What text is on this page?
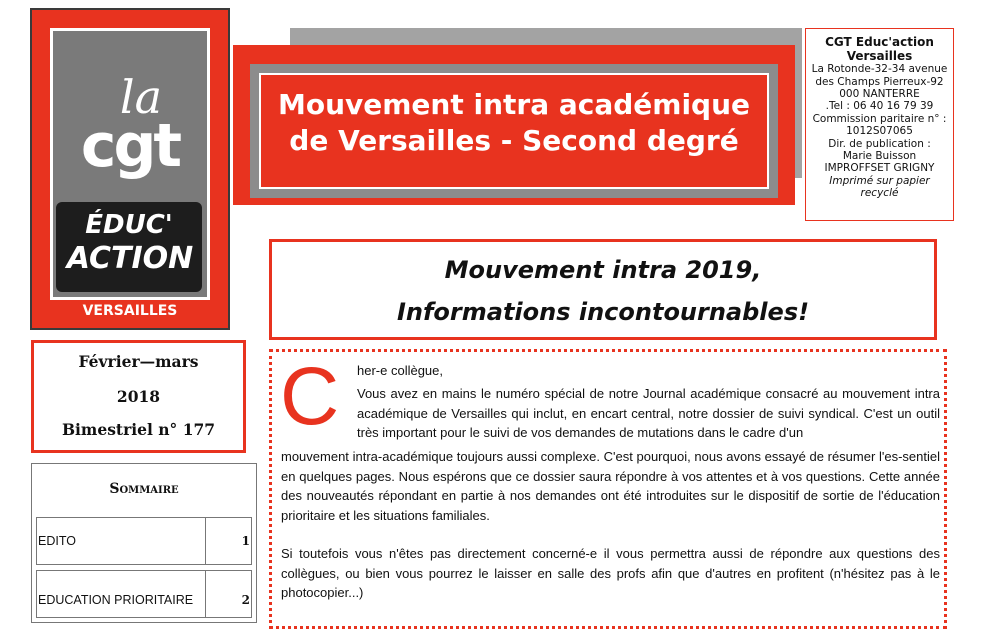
la
cgt
ÉDUC'
ACTION
VERSAILLES
Mouvement intra académique
de Versailles - Second degré
CGT Educ'action
Versailles
La Rotonde-32-34 avenue
des Champs Pierreux-92
000 NANTERRE
.Tel : 06 40 16 79 39
Commission paritaire n° :
1012S07065
Dir. de publication :
Marie Buisson
IMPROFFSET GRIGNY
Imprimé sur papier
recyclé
Mouvement intra 2019,
Informations incontournables!
Février—mars
2018
Bimestriel n° 177
Sommaire
EDITO	1
EDUCATION PRIORITAIRE	2
C	her-e collègue,
Vous avez en mains le numéro spécial de notre Journal académique consacré au mouvement intra académique de Versailles qui inclut, en encart central, notre dossier de suivi syndical. C'est un outil très important pour le suivi de vos demandes de mutations dans le cadre d'un
mouvement intra-académique toujours aussi complexe. C'est pourquoi, nous avons essayé de résumer l'es-sentiel en quelques pages. Nous espérons que ce dossier saura répondre à vos attentes et à vos questions. Cette année des nouveautés répondant en partie à nos demandes ont été introduites sur le dispositif de sortie de l'éducation prioritaire et les situations familiales.
Si toutefois vous n'êtes pas directement concerné-e il vous permettra aussi de répondre aux questions des collègues, ou bien vous pourrez le laisser en salle des profs afin que d'autres en profitent (n'hésitez pas à le photocopier...)
